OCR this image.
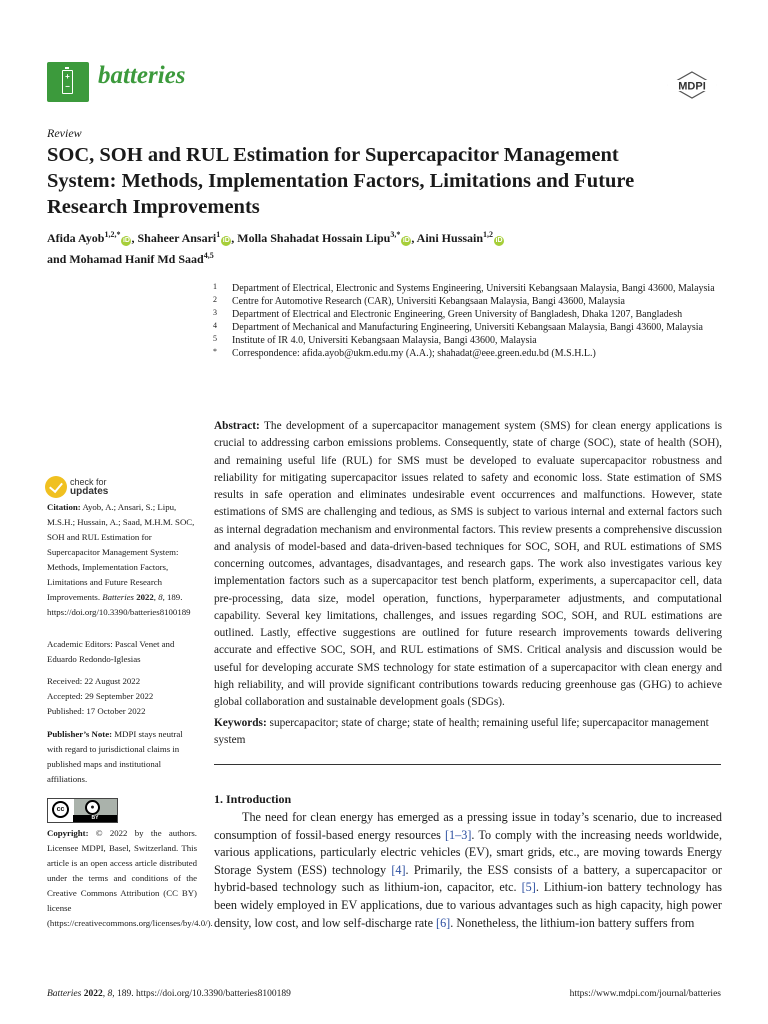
+
− batteries	MDPI
Review
SOC, SOH and RUL Estimation for Supercapacitor Management System: Methods, Implementation Factors, Limitations and Future Research Improvements
Afida Ayob$^{1,2,*}$iD , Shaheer Ansari$^1$iD , Molla Shahadat Hossain Lipu$^{3,*}$iD , Aini Hussain$^{1,2}$iD
and Mohamad Hanif Md Saad$^{4,5}$
1 Department of Electrical, Electronic and Systems Engineering, Universiti Kebangsaan Malaysia, Bangi 43600, Malaysia
2 Centre for Automotive Research (CAR), Universiti Kebangsaan Malaysia, Bangi 43600, Malaysia
3 Department of Electrical and Electronic Engineering, Green University of Bangladesh, Dhaka 1207, Bangladesh
4 Department of Mechanical and Manufacturing Engineering, Universiti Kebangsaan Malaysia, Bangi 43600, Malaysia
5 Institute of IR 4.0, Universiti Kebangsaan Malaysia, Bangi 43600, Malaysia
* Correspondence: afida.ayob@ukm.edu.my (A.A.); shahadat@eee.green.edu.bd (M.S.H.L.)
Abstract: The development of a supercapacitor management system (SMS) for clean energy applications is crucial to addressing carbon emissions problems. Consequently, state of charge (SOC), state of health (SOH), and remaining useful life (RUL) for SMS must be developed to evaluate supercapacitor robustness and reliability for mitigating supercapacitor issues related to safety and economic loss. State estimation of SMS results in safe operation and eliminates undesirable event occurrences and malfunctions. However, state estimations of SMS are challenging and tedious, as SMS is subject to various internal and external factors such as internal degradation mechanism and environmental factors. This review presents a comprehensive discussion and analysis of model-based and data-driven-based techniques for SOC, SOH, and RUL estimations of SMS concerning outcomes, advantages, disadvantages, and research gaps. The work also investigates various key implementation factors such as a supercapacitor test bench platform, experiments, a supercapacitor cell, data pre-processing, data size, model operation, functions, hyperparameter adjustments, and computational capability. Several key limitations, challenges, and issues regarding SOC, SOH, and RUL estimations are outlined. Lastly, effective suggestions are outlined for future research improvements towards delivering accurate and effective SOC, SOH, and RUL estimations of SMS. Critical analysis and discussion would be useful for developing accurate SMS technology for state estimation of a supercapacitor with clean energy and high reliability, and will provide significant contributions towards reducing greenhouse gas (GHG) to achieve global collaboration and sustainable development goals (SDGs).
Keywords: supercapacitor; state of charge; state of health; remaining useful life; supercapacitor management system
1. Introduction
The need for clean energy has emerged as a pressing issue in today’s scenario, due to increased consumption of fossil-based energy resources [1–3]. To comply with the increasing needs worldwide, various applications, particularly electric vehicles (EV), smart grids, etc., are moving towards Energy Storage System (ESS) technology [4]. Primarily, the ESS consists of a battery, a supercapacitor or hybrid-based technology such as lithium-ion, capacitor, etc. [5]. Lithium-ion battery technology has been widely employed in EV applications, due to various advantages such as high capacity, high power density, low cost, and low self-discharge rate [6]. Nonetheless, the lithium-ion battery suffers from
check for
updates
Citation: Ayob, A.; Ansari, S.; Lipu, M.S.H.; Hussain, A.; Saad, M.H.M. SOC, SOH and RUL Estimation for Supercapacitor Management System: Methods, Implementation Factors, Limitations and Future Research Improvements. Batteries 2022, 8, 189. https://doi.org/10.3390/batteries8100189
Academic Editors: Pascal Venet and Eduardo Redondo-Iglesias
Received: 22 August 2022
Accepted: 29 September 2022
Published: 17 October 2022
Publisher’s Note: MDPI stays neutral with regard to jurisdictional claims in published maps and institutional affiliations.
cc	●
BY
Copyright: © 2022 by the authors. Licensee MDPI, Basel, Switzerland. This article is an open access article distributed under the terms and conditions of the Creative Commons Attribution (CC BY) license (https://creativecommons.org/licenses/by/4.0/).
Batteries 2022, 8, 189. https://doi.org/10.3390/batteries8100189	https://www.mdpi.com/journal/batteries
